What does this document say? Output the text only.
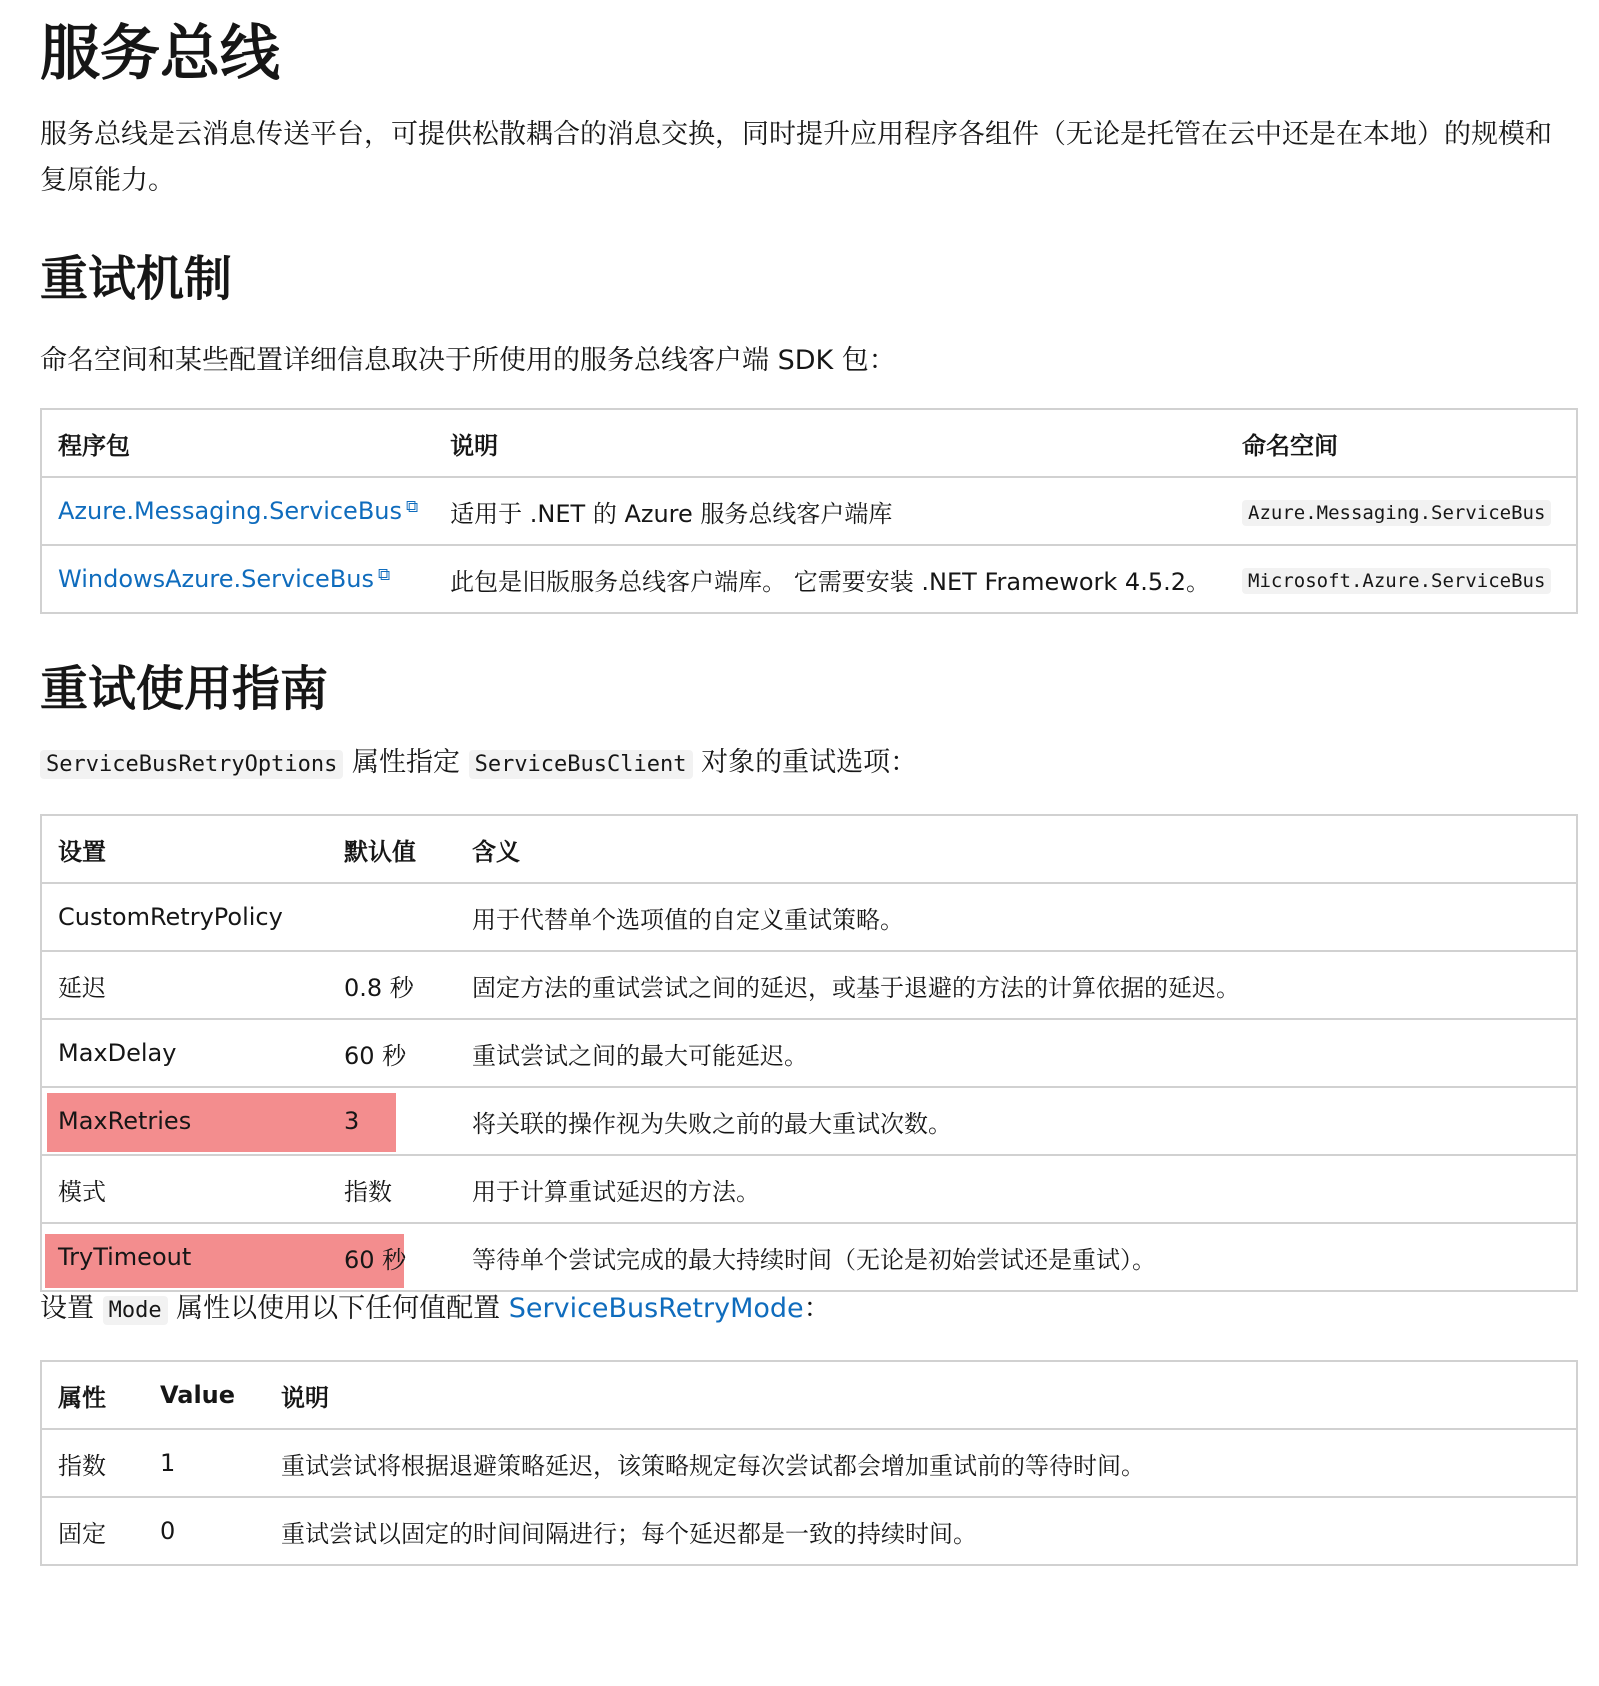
服务总线

服务总线是云消息传送平台，可提供松散耦合的消息交换，同时提升应用程序各组件（无论是托管在云中还是在本地）的规模和复原能力。

重试机制

命名空间和某些配置详细信息取决于所使用的服务总线客户端 SDK 包：

程序包	说明	命名空间
Azure.Messaging.ServiceBus ⧉	适用于 .NET 的 Azure 服务总线客户端库	Azure.Messaging.ServiceBus
WindowsAzure.ServiceBus ⧉	此包是旧版服务总线客户端库。 它需要安装 .NET Framework 4.5.2。	Microsoft.Azure.ServiceBus
重试使用指南

ServiceBusRetryOptions 属性指定 ServiceBusClient 对象的重试选项：

设置	默认值	含义
CustomRetryPolicy		用于代替单个选项值的自定义重试策略。
延迟	0.8 秒	固定方法的重试尝试之间的延迟，或基于退避的方法的计算依据的延迟。
MaxDelay	60 秒	重试尝试之间的最大可能延迟。

MaxRetries	3	将关联的操作视为失败之前的最大重试次数。
模式	指数	用于计算重试延迟的方法。

TryTimeout	60 秒	等待单个尝试完成的最大持续时间（无论是初始尝试还是重试）。

设置 Mode 属性以使用以下任何值配置 ServiceBusRetryMode：

属性	Value	说明
指数	1	重试尝试将根据退避策略延迟，该策略规定每次尝试都会增加重试前的等待时间。
固定	0	重试尝试以固定的时间间隔进行；每个延迟都是一致的持续时间。
